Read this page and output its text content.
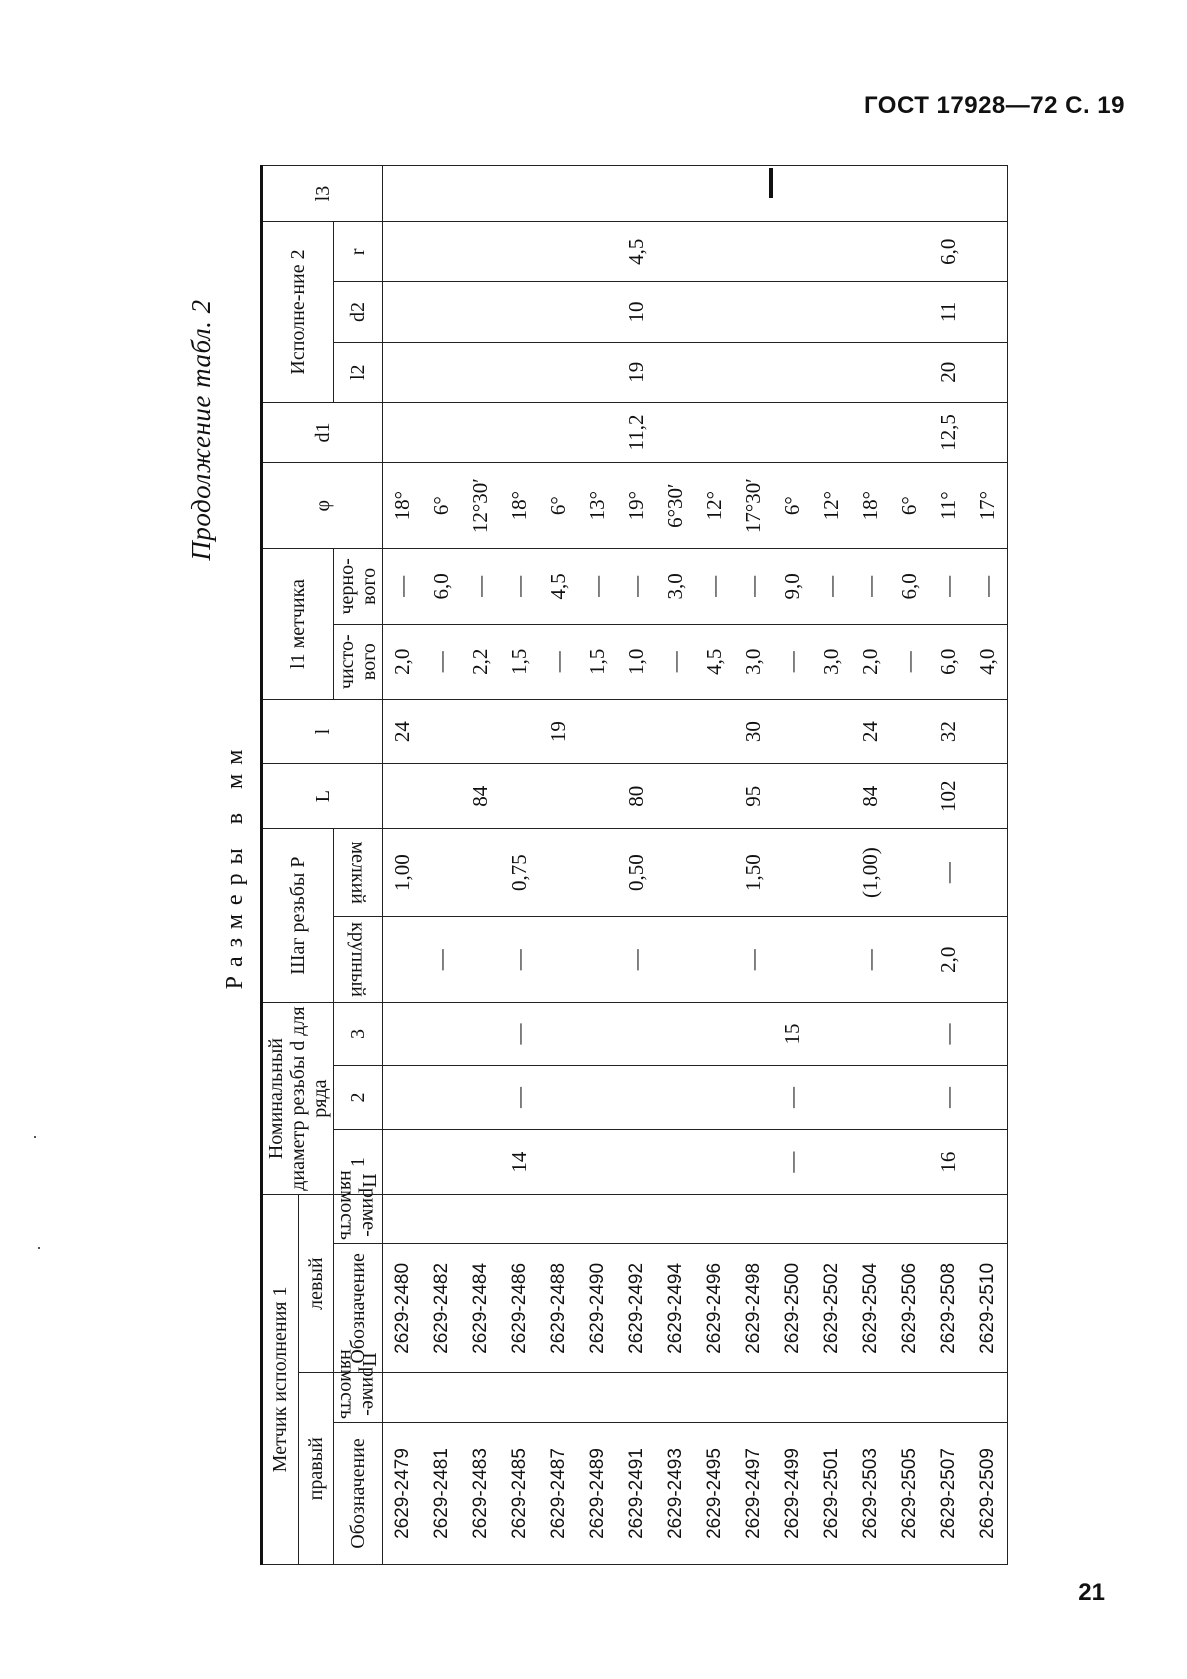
ГОСТ 17928—72 С. 19
Продолжение табл. 2
Размеры в мм
Метчик исполнения 1				Номинальный диаметр резьбы d для ряда			Шаг резьбы P		L	l	l1 метчика		φ	d1	Исполне-ние 2			l3
правый		левый																
Обозначение	Приме-нямость	Обозначение	Приме-нямость	1	2	3	крупный	мелкий			чисто-вого	черно-вого			l2	d2	r	
2629-2479		2629-2480						1,00		24	2,0	—	18°					
2629-2481		2629-2482					—				—	6,0	6°					
2629-2483		2629-2484							84		2,2	—	12°30′					
2629-2485		2629-2486		14	—	—	—	0,75			1,5	—	18°					
2629-2487		2629-2488								19	—	4,5	6°					
2629-2489		2629-2490									1,5	—	13°					
2629-2491		2629-2492					—	0,50	80		1,0	—	19°	11,2	19	10	4,5	
2629-2493		2629-2494									—	3,0	6°30′					
2629-2495		2629-2496									4,5	—	12°					
2629-2497		2629-2498					—	1,50	95	30	3,0	—	17°30′					
2629-2499		2629-2500		—	—	15					—	9,0	6°					
2629-2501		2629-2502									3,0	—	12°					
2629-2503		2629-2504					—	(1,00)	84	24	2,0	—	18°					
2629-2505		2629-2506									—	6,0	6°					
2629-2507		2629-2508		16	—	—	2,0	—	102	32	6,0	—	11°	12,5	20	11	6,0	
2629-2509		2629-2510									4,0	—	17°					
21
